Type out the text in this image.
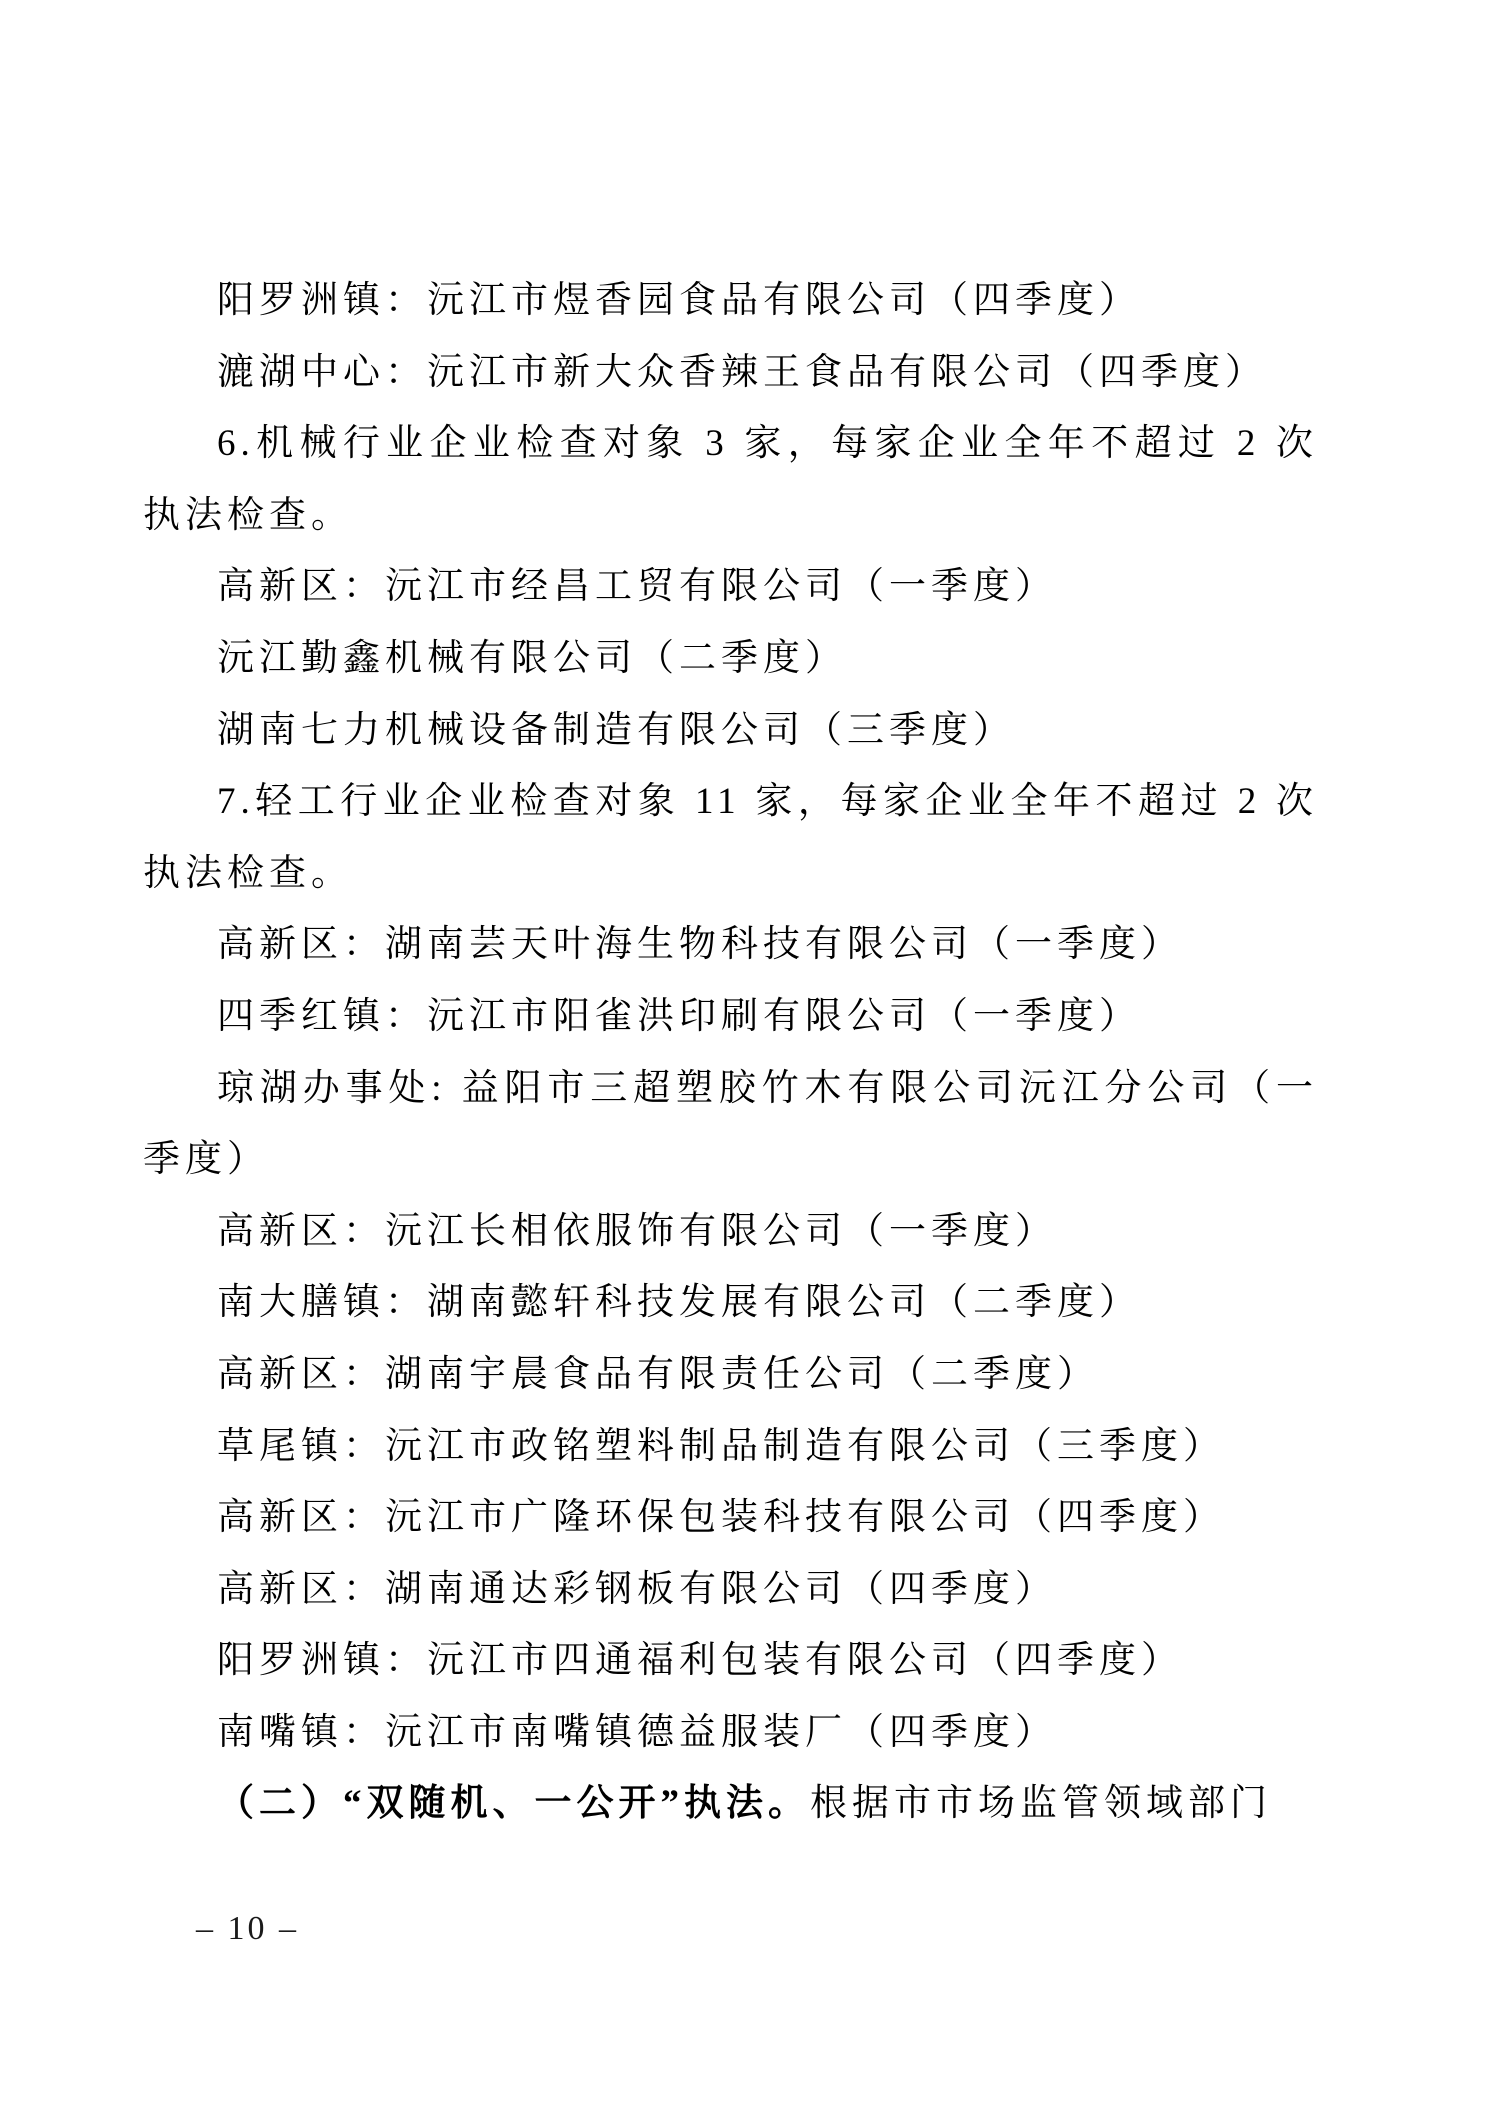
阳罗洲镇：沅江市煜香园食品有限公司（四季度）

漉湖中心：沅江市新大众香辣王食品有限公司（四季度）

6.机械行业企业检查对象 3 家，每家企业全年不超过 2 次执法检查。

高新区：沅江市经昌工贸有限公司（一季度）

沅江勤鑫机械有限公司（二季度）

湖南七力机械设备制造有限公司（三季度）

7.轻工行业企业检查对象 11 家，每家企业全年不超过 2 次执法检查。

高新区：湖南芸天叶海生物科技有限公司（一季度）

四季红镇：沅江市阳雀洪印刷有限公司（一季度）

琼湖办事处: 益阳市三超塑胶竹木有限公司沅江分公司（一季度）

高新区：沅江长相依服饰有限公司（一季度）

南大膳镇：湖南懿轩科技发展有限公司（二季度）

高新区：湖南宇晨食品有限责任公司（二季度）

草尾镇：沅江市政铭塑料制品制造有限公司（三季度）

高新区：沅江市广隆环保包装科技有限公司（四季度）

高新区：湖南通达彩钢板有限公司（四季度）

阳罗洲镇：沅江市四通福利包装有限公司（四季度）

南嘴镇：沅江市南嘴镇德益服装厂（四季度）

（二）“双随机、一公开”执法。根据市市场监管领域部门

– 10 –
